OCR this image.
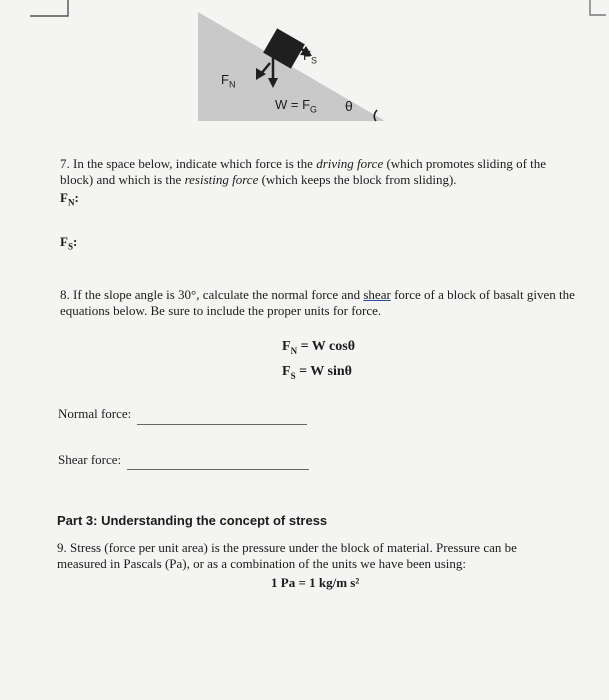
$F_S$
$F_N$
$W = F_G$ θ
7. In the space below, indicate which force is the driving force (which promotes sliding of the block) and which is the resisting force (which keeps the block from sliding).
$F_N$:
$F_S$:
8. If the slope angle is 30°, calculate the normal force and shear force of a block of basalt given the equations below. Be sure to include the proper units for force.
$F_N = W$ cosθ
$F_S = W$ sinθ
Normal force:
Shear force:
Part 3: Understanding the concept of stress
9. Stress (force per unit area) is the pressure under the block of material. Pressure can be measured in Pascals (Pa), or as a combination of the units we have been using:
1 Pa = 1 kg/m s²
